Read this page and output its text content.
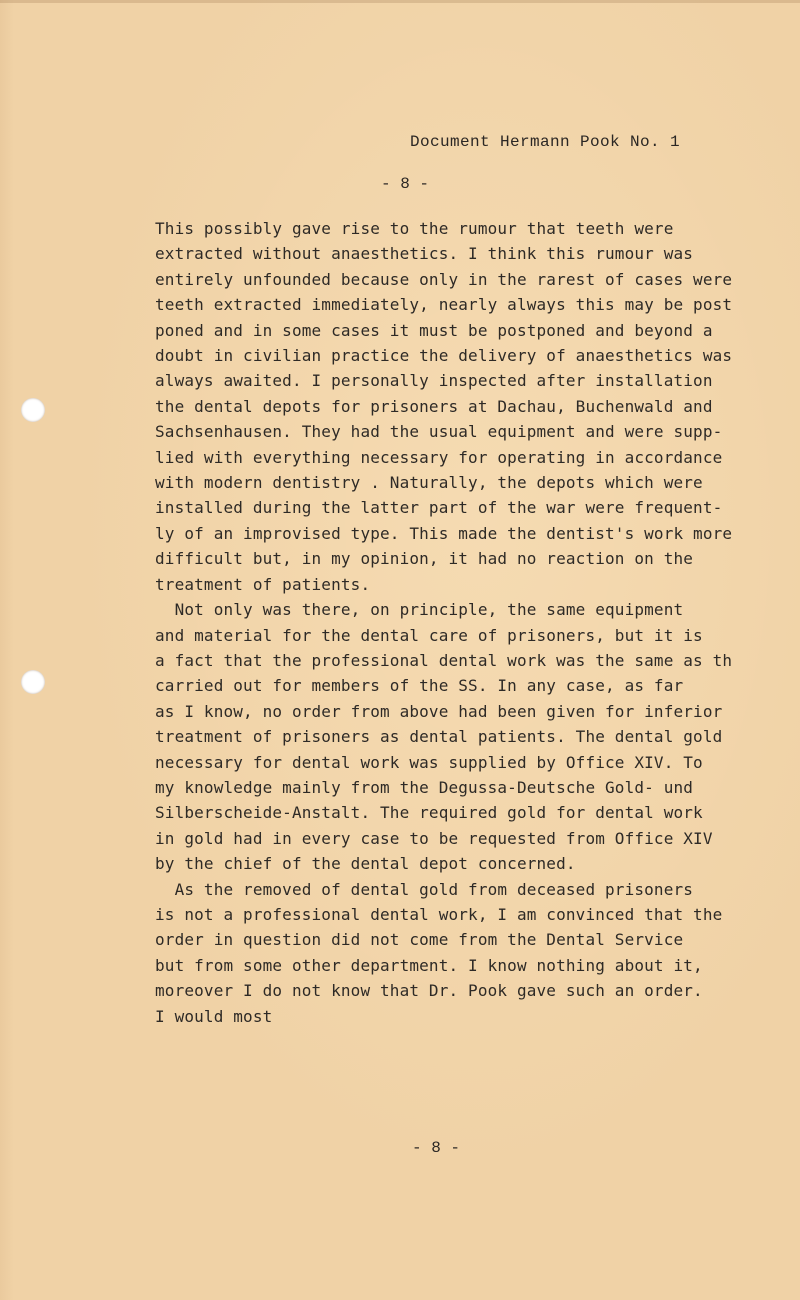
Document Hermann Pook No. 1
- 8 -
This possibly gave rise to the rumour that teeth were
extracted without anaesthetics. I think this rumour was
entirely unfounded because only in the rarest of cases were
teeth extracted immediately, nearly always this may be post
poned and in some cases it must be postponed and beyond a
doubt in civilian practice the delivery of anaesthetics was
always awaited. I personally inspected after installation
the dental depots for prisoners at Dachau, Buchenwald and
Sachsenhausen. They had the usual equipment and were supp-
lied with everything necessary for operating in accordance
with modern dentistry . Naturally, the depots which were
installed during the latter part of the war were frequent-
ly of an improvised type. This made the dentist's work more
difficult but, in my opinion, it had no reaction on the
treatment of patients.
Not only was there, on principle, the same equipment
and material for the dental care of prisoners, but it is
a fact that the professional dental work was the same as th
carried out for members of the SS. In any case, as far
as I know, no order from above had been given for inferior
treatment of prisoners as dental patients. The dental gold
necessary for dental work was supplied by Office XIV. To
my knowledge mainly from the Degussa-Deutsche Gold- und
Silberscheide-Anstalt. The required gold for dental work
in gold had in every case to be requested from Office XIV
by the chief of the dental depot concerned.
As the removed of dental gold from deceased prisoners
is not a professional dental work, I am convinced that the
order in question did not come from the Dental Service
but from some other department. I know nothing about it,
moreover I do not know that Dr. Pook gave such an order.
I would most
- 8 -
